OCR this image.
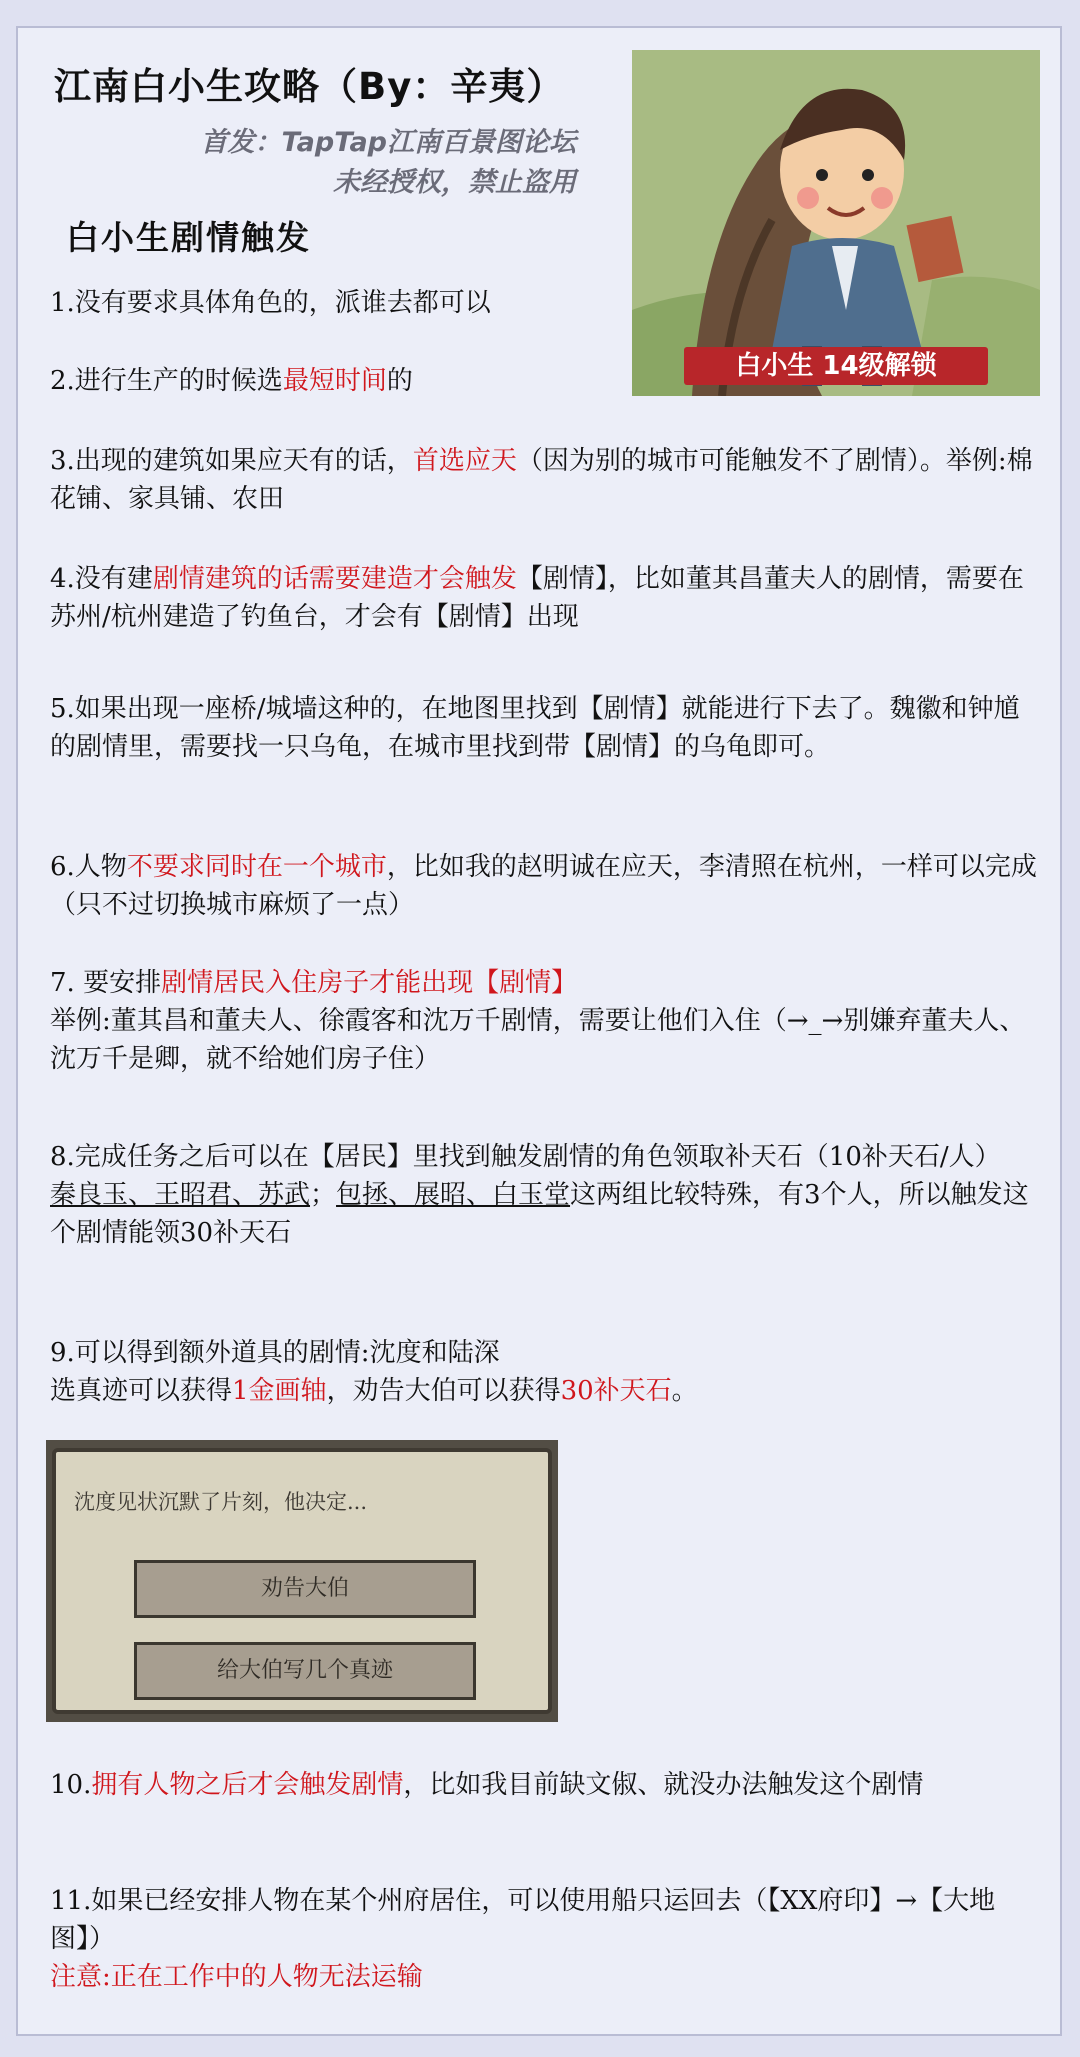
江南白小生攻略（By：辛夷）
首发：TapTap江南百景图论坛
未经授权，禁止盗用
白小生剧情触发
白小生 14级解锁

1.没有要求具体角色的，派谁去都可以

2.进行生产的时候选最短时间的

3.出现的建筑如果应天有的话，首选应天（因为别的城市可能触发不了剧情）。举例:棉花铺、家具铺、农田

4.没有建剧情建筑的话需要建造才会触发【剧情】，比如董其昌董夫人的剧情，需要在苏州/杭州建造了钓鱼台，才会有【剧情】出现

5.如果出现一座桥/城墙这种的，在地图里找到【剧情】就能进行下去了。魏徽和钟馗的剧情里，需要找一只乌龟，在城市里找到带【剧情】的乌龟即可。

6.人物不要求同时在一个城市，比如我的赵明诚在应天，李清照在杭州，一样可以完成（只不过切换城市麻烦了一点）

7. 要安排剧情居民入住房子才能出现【剧情】
举例:董其昌和董夫人、徐霞客和沈万千剧情，需要让他们入住（→_→别嫌弃董夫人、沈万千是卿，就不给她们房子住）

8.完成任务之后可以在【居民】里找到触发剧情的角色领取补天石（10补天石/人）
秦良玉、王昭君、苏武；包拯、展昭、白玉堂这两组比较特殊，有3个人，所以触发这个剧情能领30补天石

9.可以得到额外道具的剧情:沈度和陆深
选真迹可以获得1金画轴，劝告大伯可以获得30补天石。

沈度见状沉默了片刻，他决定...
劝告大伯
给大伯写几个真迹

10.拥有人物之后才会触发剧情，比如我目前缺文俶、就没办法触发这个剧情

11.如果已经安排人物在某个州府居住，可以使用船只运回去（【XX府印】→【大地图】）
注意:正在工作中的人物无法运输
